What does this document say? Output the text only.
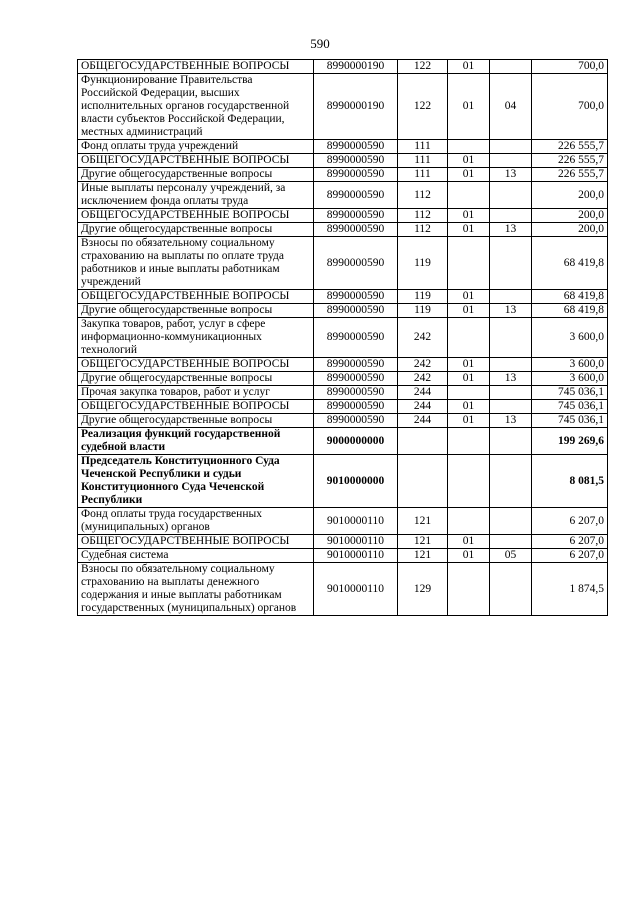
590
ОБЩЕГОСУДАРСТВЕННЫЕ ВОПРОСЫ	8990000190	122	01		700,0
Функционирование Правительства Российской Федерации, высших исполнительных органов государственной власти субъектов Российской Федерации, местных администраций	8990000190	122	01	04	700,0
Фонд оплаты труда учреждений	8990000590	111			226 555,7
ОБЩЕГОСУДАРСТВЕННЫЕ ВОПРОСЫ	8990000590	111	01		226 555,7
Другие общегосударственные вопросы	8990000590	111	01	13	226 555,7
Иные выплаты персоналу учреждений, за исключением фонда оплаты труда	8990000590	112			200,0
ОБЩЕГОСУДАРСТВЕННЫЕ ВОПРОСЫ	8990000590	112	01		200,0
Другие общегосударственные вопросы	8990000590	112	01	13	200,0
Взносы по обязательному социальному страхованию на выплаты по оплате труда работников и иные выплаты работникам учреждений	8990000590	119			68 419,8
ОБЩЕГОСУДАРСТВЕННЫЕ ВОПРОСЫ	8990000590	119	01		68 419,8
Другие общегосударственные вопросы	8990000590	119	01	13	68 419,8
Закупка товаров, работ, услуг в сфере информационно-коммуникационных технологий	8990000590	242			3 600,0
ОБЩЕГОСУДАРСТВЕННЫЕ ВОПРОСЫ	8990000590	242	01		3 600,0
Другие общегосударственные вопросы	8990000590	242	01	13	3 600,0
Прочая закупка товаров, работ и услуг	8990000590	244			745 036,1
ОБЩЕГОСУДАРСТВЕННЫЕ ВОПРОСЫ	8990000590	244	01		745 036,1
Другие общегосударственные вопросы	8990000590	244	01	13	745 036,1
Реализация функций государственной судебной власти	9000000000				199 269,6
Председатель Конституционного Суда Чеченской Республики и судьи Конституционного Суда Чеченской Республики	9010000000				8 081,5
Фонд оплаты труда государственных (муниципальных) органов	9010000110	121			6 207,0
ОБЩЕГОСУДАРСТВЕННЫЕ ВОПРОСЫ	9010000110	121	01		6 207,0
Судебная система	9010000110	121	01	05	6 207,0
Взносы по обязательному социальному страхованию на выплаты денежного содержания и иные выплаты работникам государственных (муниципальных) органов	9010000110	129			1 874,5
